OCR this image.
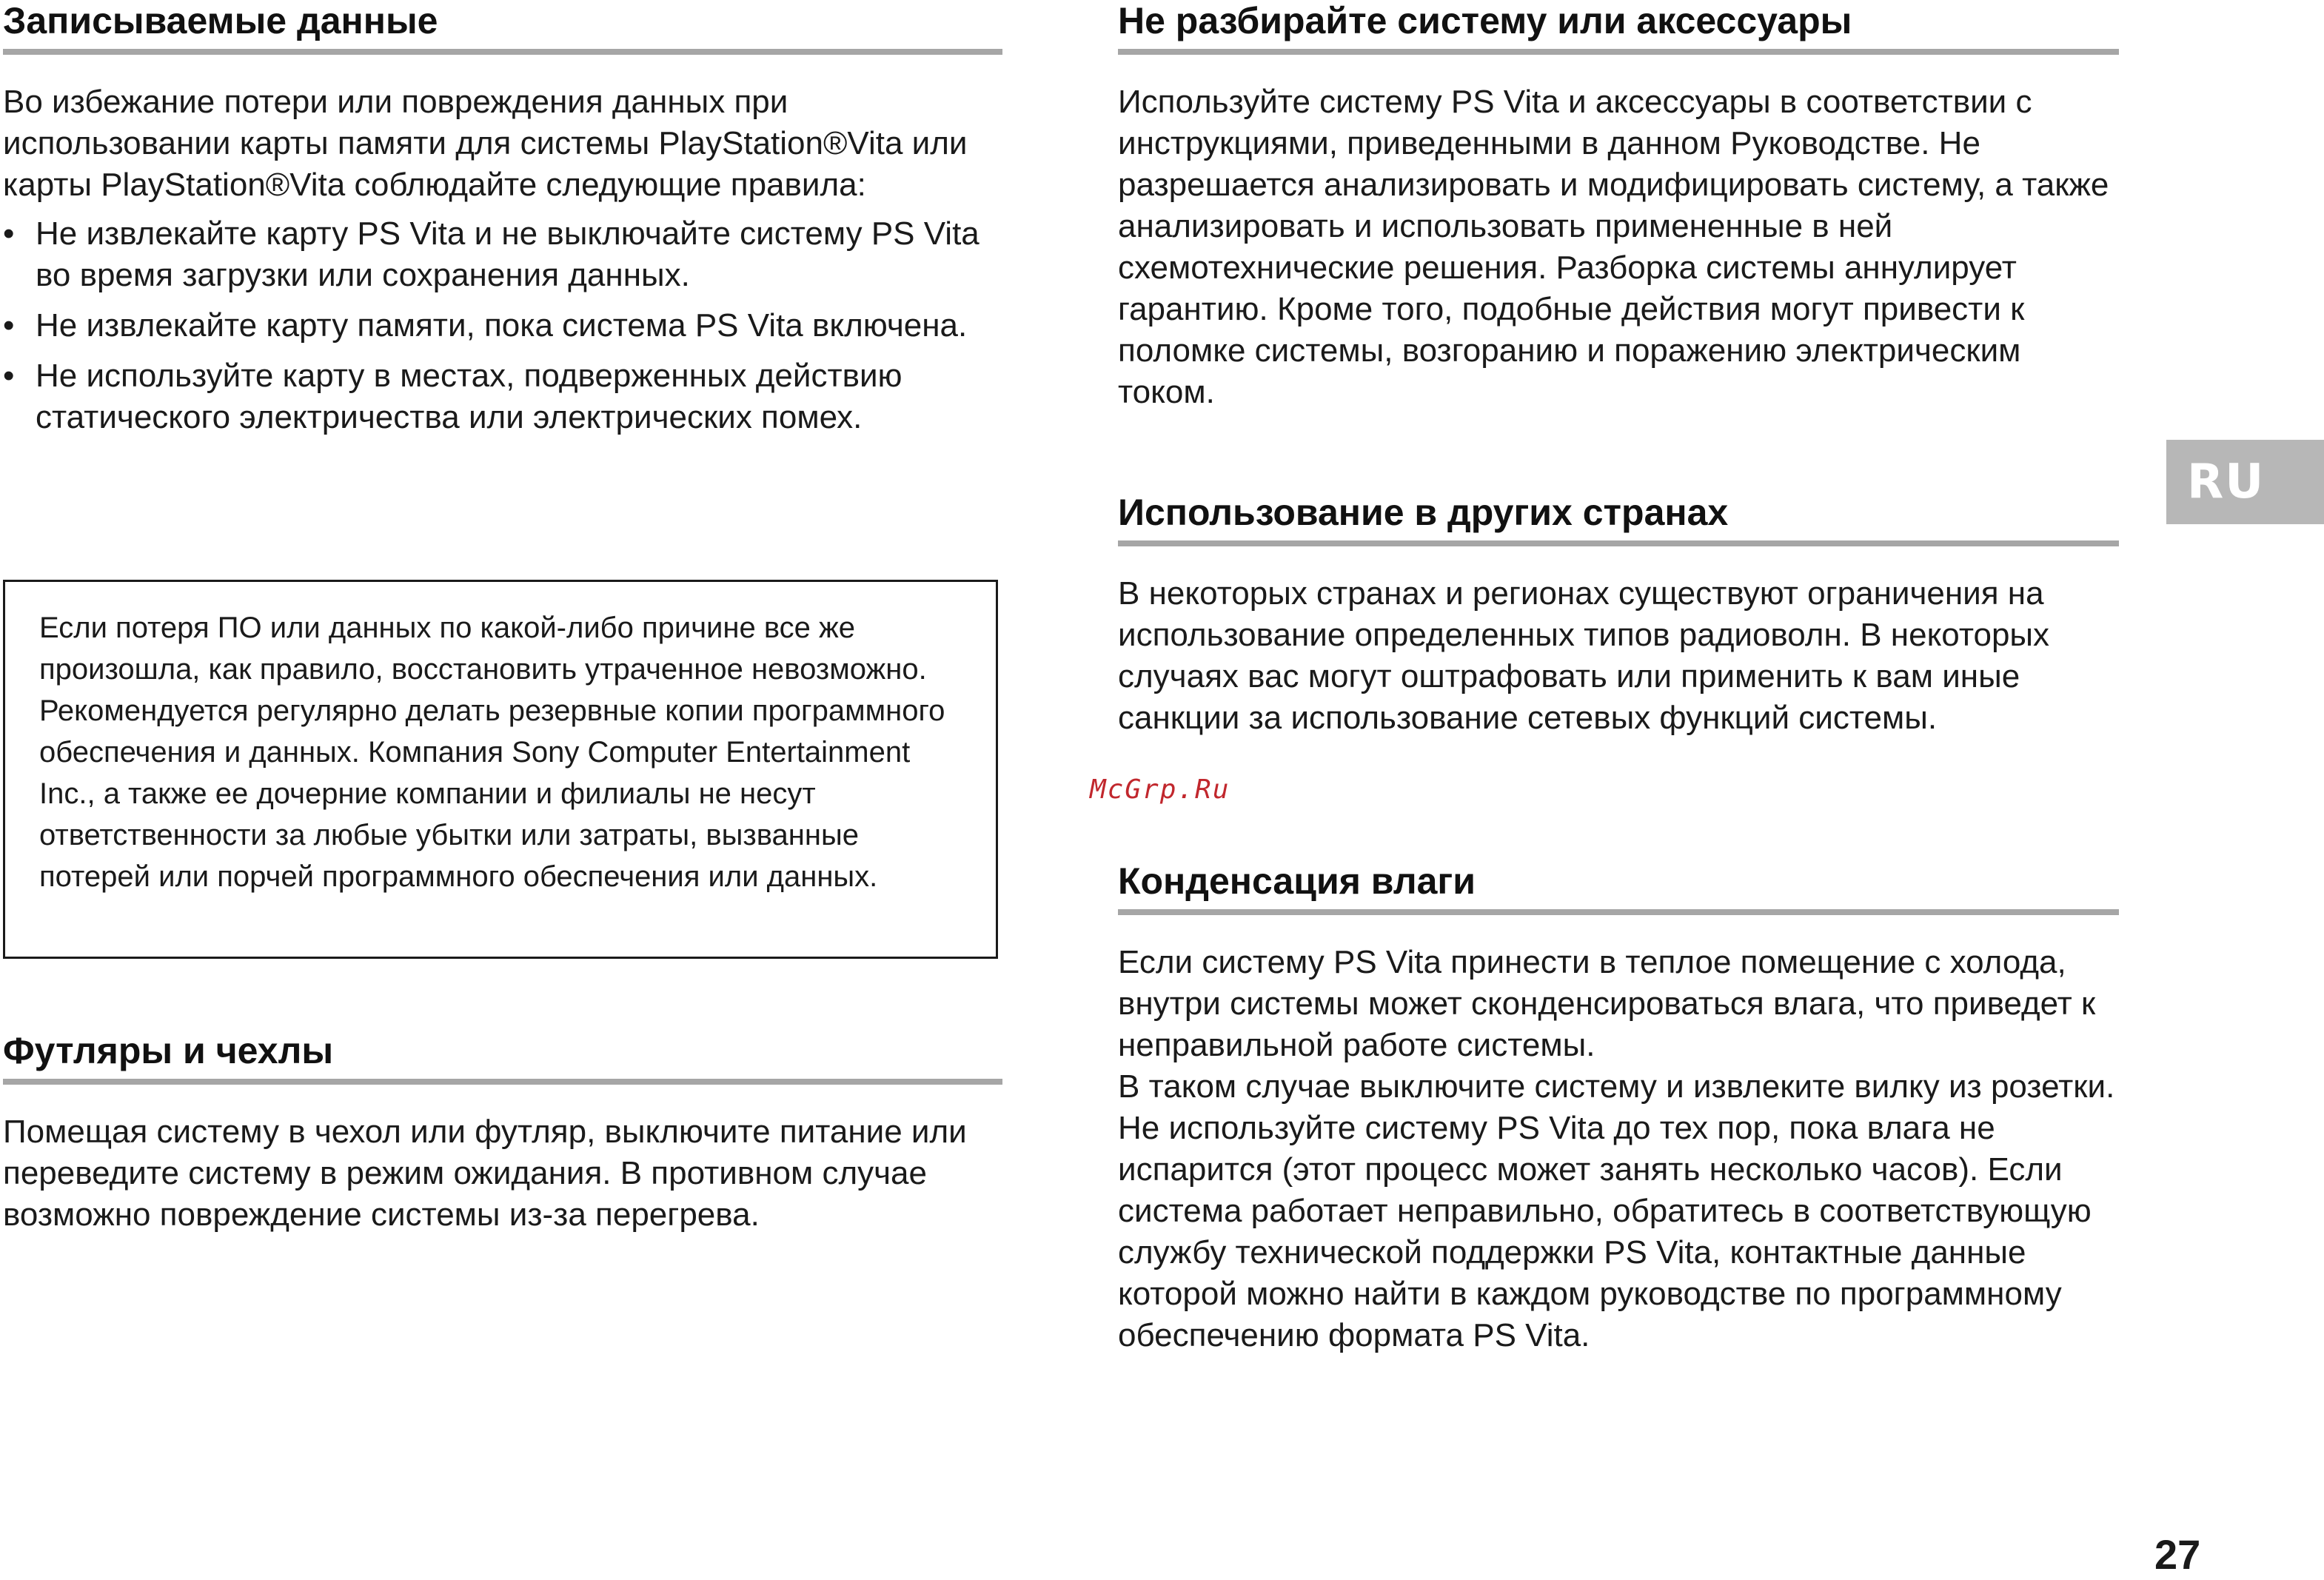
Записываемые данные

Во избежание потери или повреждения данных при использовании карты памяти для системы PlayStation®Vita или карты PlayStation®Vita соблюдайте следующие правила:

• Не извлекайте карту PS Vita и не выключайте систему PS Vita во время загрузки или сохранения данных.
• Не извлекайте карту памяти, пока система PS Vita включена.
• Не используйте карту в местах, подверженных действию статического электричества или электрических помех.
Если потеря ПО или данных по какой-либо причине все же произошла, как правило, восстановить утраченное невозможно. Рекомендуется регулярно делать резервные копии программного обеспечения и данных. Компания Sony Computer Entertainment Inc., а также ее дочерние компании и филиалы не несут ответственности за любые убытки или затраты, вызванные потерей или порчей программного обеспечения или данных.
Футляры и чехлы

Помещая систему в чехол или футляр, выключите питание или переведите систему в режим ожидания. В противном случае возможно повреждение системы из-за перегрева.

Не разбирайте систему или аксессуары

Используйте систему PS Vita и аксессуары в соответствии с инструкциями, приведенными в данном Руководстве. Не разрешается анализировать и модифицировать систему, а также анализировать и использовать примененные в ней схемотехнические решения. Разборка системы аннулирует гарантию. Кроме того, подобные действия могут привести к поломке системы, возгоранию и поражению электрическим током.

Использование в других странах

В некоторых странах и регионах существуют ограничения на использование определенных типов радиоволн. В некоторых случаях вас могут оштрафовать или применить к вам иные санкции за использование сетевых функций системы.

Конденсация влаги

Если систему PS Vita принести в теплое помещение с холода, внутри системы может сконденсироваться влага, что приведет к неправильной работе системы.

В таком случае выключите систему и извлеките вилку из розетки. Не используйте систему PS Vita до тех пор, пока влага не испарится (этот процесс может занять несколько часов). Если система работает неправильно, обратитесь в соответствующую службу технической поддержки PS Vita, контактные данные которой можно найти в каждом руководстве по программному обеспечению формата PS Vita.

RU
McGrp.Ru
27
